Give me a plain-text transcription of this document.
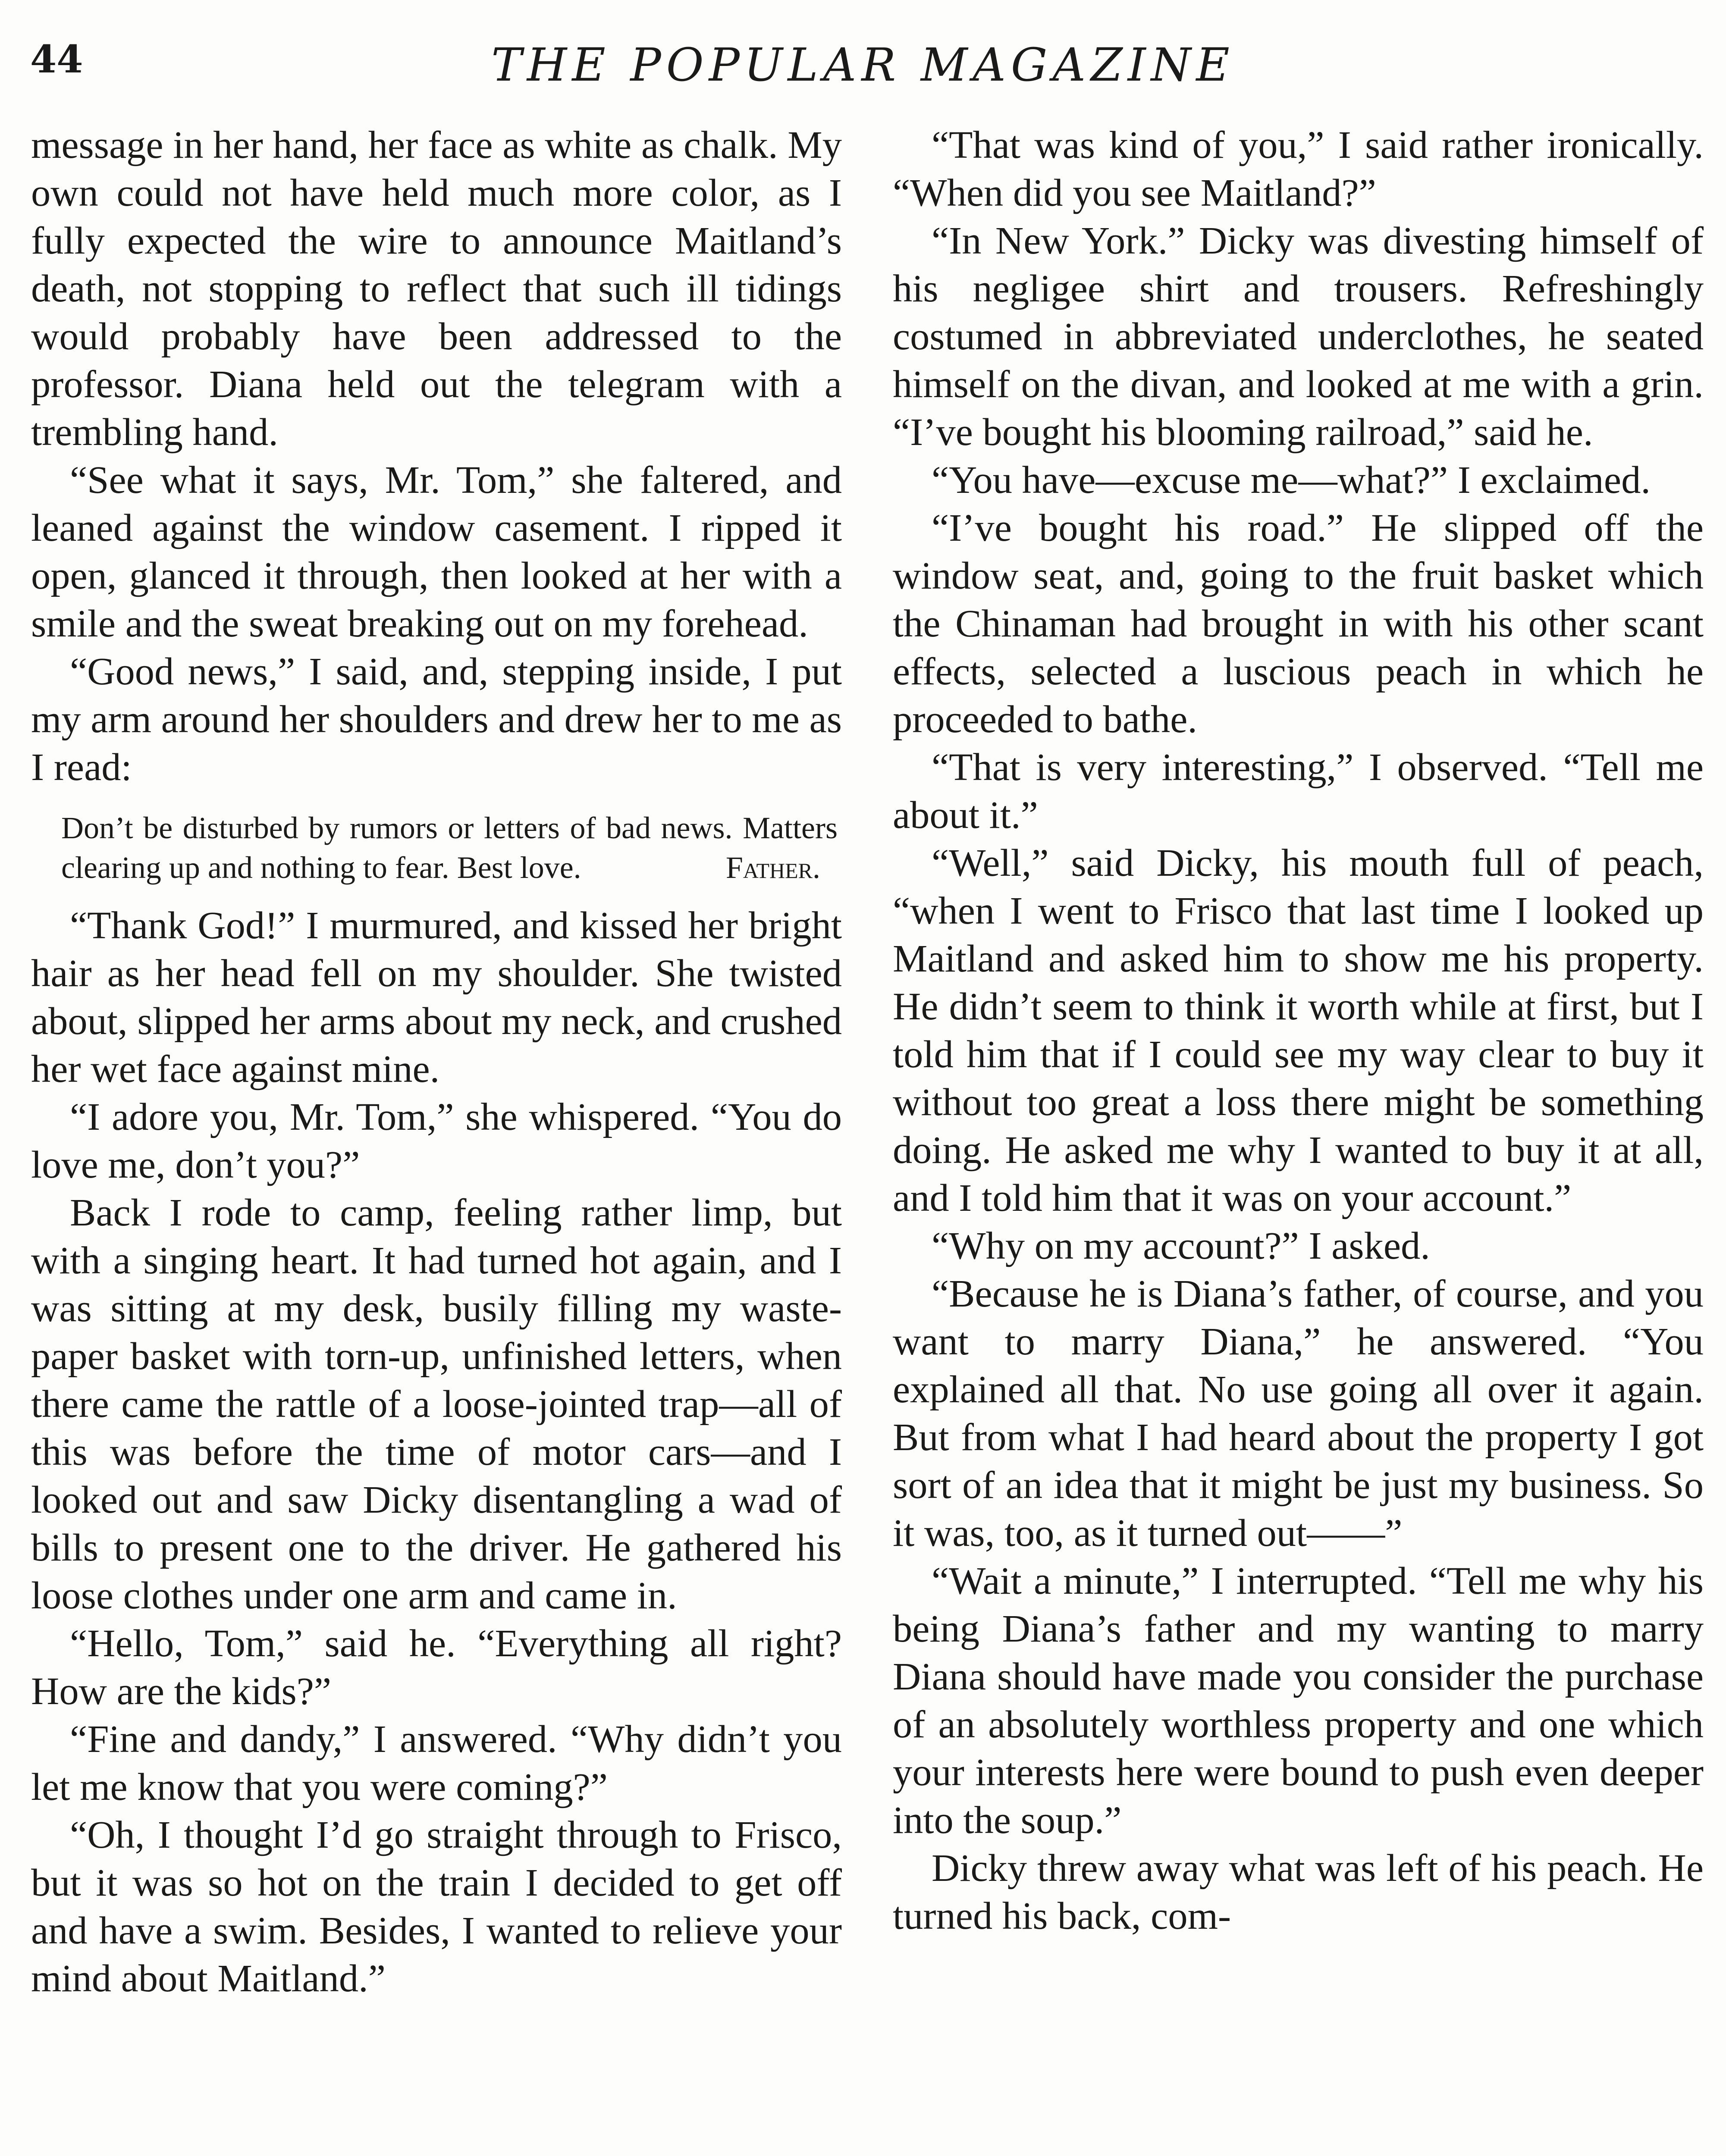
44	THE POPULAR MAGAZINE

message in her hand, her face as white as chalk. My own could not have held much more color, as I fully expected the wire to announce Maitland’s death, not stopping to reflect that such ill tidings would probably have been addressed to the professor. Diana held out the telegram with a trembling hand.

“See what it says, Mr. Tom,” she faltered, and leaned against the window casement. I ripped it open, glanced it through, then looked at her with a smile and the sweat breaking out on my forehead.

“Good news,” I said, and, stepping inside, I put my arm around her shoulders and drew her to me as I read:

Don’t be disturbed by rumors or letters of bad news. Matters clearing up and nothing to fear. Best love.	Father.

“Thank God!” I murmured, and kissed her bright hair as her head fell on my shoulder. She twisted about, slipped her arms about my neck, and crushed her wet face against mine.

“I adore you, Mr. Tom,” she whispered. “You do love me, don’t you?”

Back I rode to camp, feeling rather limp, but with a singing heart. It had turned hot again, and I was sitting at my desk, busily filling my waste-paper basket with torn-up, unfinished letters, when there came the rattle of a loose-jointed trap—all of this was before the time of motor cars—and I looked out and saw Dicky disentangling a wad of bills to present one to the driver. He gathered his loose clothes under one arm and came in.

“Hello, Tom,” said he. “Everything all right? How are the kids?”

“Fine and dandy,” I answered. “Why didn’t you let me know that you were coming?”

“Oh, I thought I’d go straight through to Frisco, but it was so hot on the train I decided to get off and have a swim. Besides, I wanted to relieve your mind about Maitland.”

“That was kind of you,” I said rather ironically. “When did you see Maitland?”

“In New York.” Dicky was divesting himself of his negligee shirt and trousers. Refreshingly costumed in abbreviated underclothes, he seated himself on the divan, and looked at me with a grin. “I’ve bought his blooming railroad,” said he.

“You have—excuse me—what?” I exclaimed.

“I’ve bought his road.” He slipped off the window seat, and, going to the fruit basket which the Chinaman had brought in with his other scant effects, selected a luscious peach in which he proceeded to bathe.

“That is very interesting,” I observed. “Tell me about it.”

“Well,” said Dicky, his mouth full of peach, “when I went to Frisco that last time I looked up Maitland and asked him to show me his property. He didn’t seem to think it worth while at first, but I told him that if I could see my way clear to buy it without too great a loss there might be something doing. He asked me why I wanted to buy it at all, and I told him that it was on your account.”

“Why on my account?” I asked.

“Because he is Diana’s father, of course, and you want to marry Diana,” he answered. “You explained all that. No use going all over it again. But from what I had heard about the property I got sort of an idea that it might be just my business. So it was, too, as it turned out——”

“Wait a minute,” I interrupted. “Tell me why his being Diana’s father and my wanting to marry Diana should have made you consider the purchase of an absolutely worthless property and one which your interests here were bound to push even deeper into the soup.”

Dicky threw away what was left of his peach. He turned his back, com-
